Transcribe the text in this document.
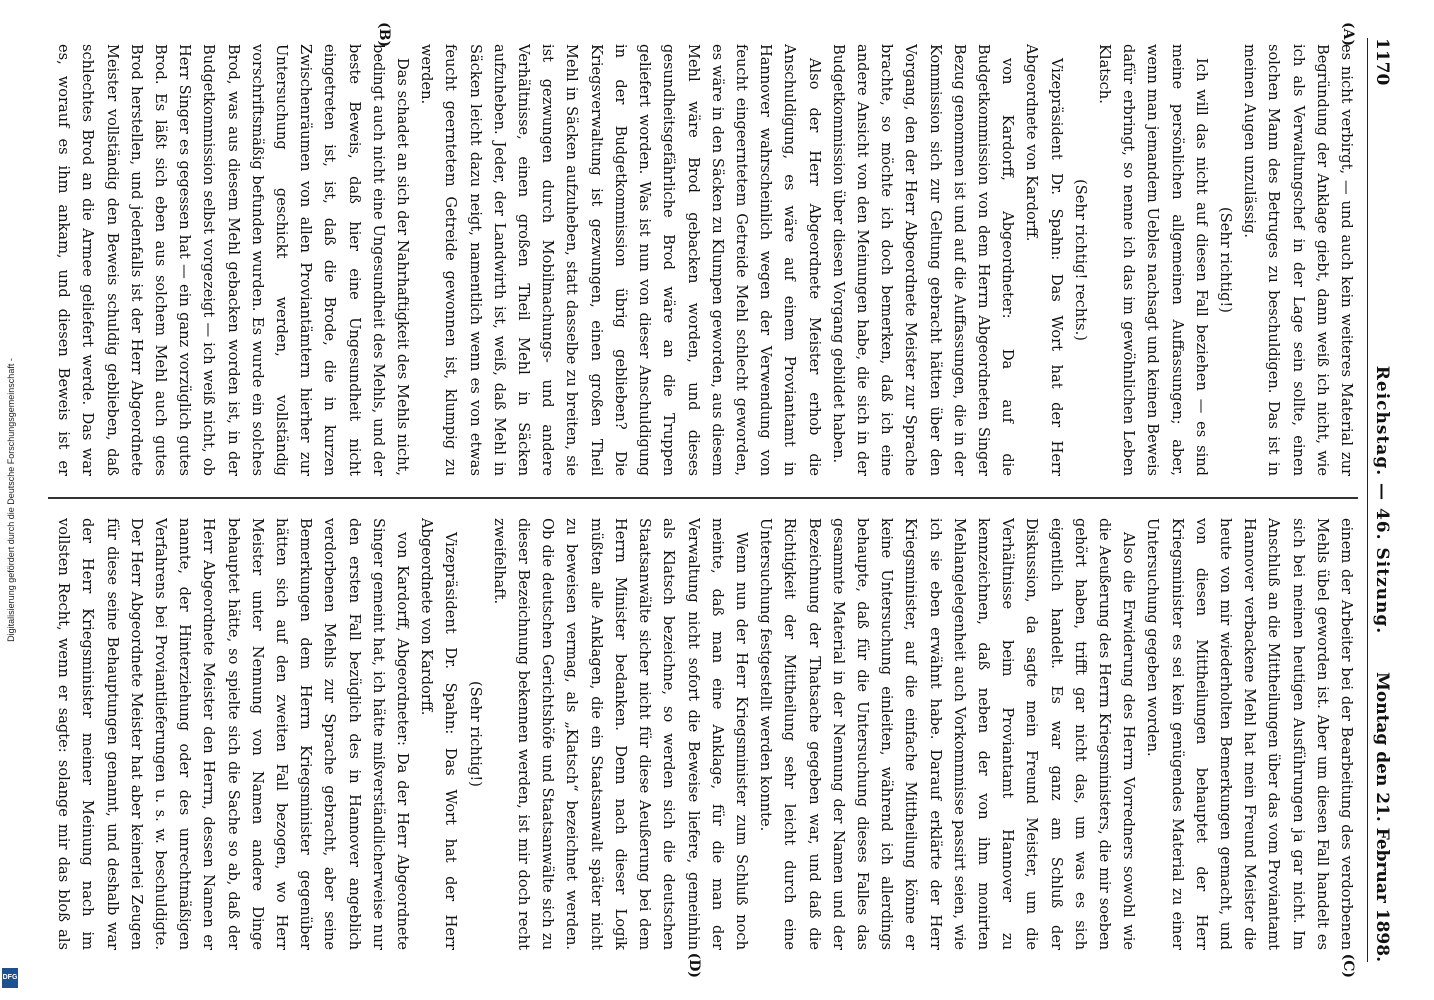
Digitalisierung gefördert durch die Deutsche Forschungsgemeinschaft -
DFG
1170
Reichstag. — 46. Sitzung.
Montag den 21. Februar 1898.
(A)
(B)
(C)
(D)

es nicht verbirgt, — und auch kein weiteres Material zur Begründung der Anklage giebt, dann weiß ich nicht, wie ich als Verwaltungschef in der Lage sein sollte, einen solchen Mann des Betruges zu beschuldigen. Das ist in meinen Augen unzulässig.

(Sehr richtig!)

Ich will das nicht auf diesen Fall beziehen — es sind meine persönlichen allgemeinen Auffassungen; aber, wenn man jemandem Uebles nachsagt und keinen Beweis dafür erbringt, so nenne ich das im gewöhnlichen Leben Klatsch.

(Sehr richtig! rechts.)

Vizepräsident Dr. Spahn: Das Wort hat der Herr Abgeordnete von Kardorff.

von Kardorff, Abgeordneter: Da auf die Budgetkommission von dem Herrn Abgeordneten Singer Bezug genommen ist und auf die Auffassungen, die in der Kommission sich zur Geltung gebracht hätten über den Vorgang, den der Herr Abgeordnete Meister zur Sprache brachte, so möchte ich doch bemerken, daß ich eine andere Ansicht von den Meinungen habe, die sich in der Budgetkommission über diesen Vorgang gebildet haben.

Also der Herr Abgeordnete Meister erhob die Anschuldigung, es wäre auf einem Proviantamt in Hannover wahrscheinlich wegen der Verwendung von feucht eingeerntetem Getreide Mehl schlecht geworden, es wäre in den Säcken zu Klumpen geworden, aus diesem Mehl wäre Brod gebacken worden, und dieses gesundheitsgefährliche Brod wäre an die Truppen geliefert worden. Was ist nun von dieser Anschuldigung in der Budgetkommission übrig geblieben? Die Kriegsverwaltung ist gezwungen, einen großen Theil Mehl in Säcken aufzuheben, statt dasselbe zu breiten, sie ist gezwungen durch Mobilmachungs- und andere Verhältnisse, einen großen Theil Mehl in Säcken aufzuheben. Jeder, der Landwirth ist, weiß, daß Mehl in Säcken leicht dazu neigt, namentlich wenn es von etwas feucht geerntetem Getreide gewonnen ist, klumpig zu werden.

Das schadet an sich der Nahrhaftigkeit des Mehls nicht, bedingt auch nicht eine Ungesundheit des Mehls, und der beste Beweis, daß hier eine Ungesundheit nicht eingetreten ist, ist, daß die Brode, die in kurzen Zwischenräumen von allen Proviantämtern hierher zur Untersuchung geschickt werden, vollständig vorschriftsmäßig befunden wurden. Es wurde ein solches Brod, was aus diesem Mehl gebacken worden ist, in der Budgetkommission selbst vorgezeigt — ich weiß nicht, ob Herr Singer es gegessen hat — ein ganz vorzüglich gutes Brod. Es läßt sich eben aus solchem Mehl auch gutes Brod herstellen, und jedenfalls ist der Herr Abgeordnete Meister vollständig den Beweis schuldig geblieben, daß schlechtes Brod an die Armee geliefert werde. Das war es, worauf es ihm ankam, und diesen Beweis ist er

einem der Arbeiter bei der Bearbeitung des verdorbenen Mehls übel geworden ist. Aber um diesen Fall handelt es sich bei meinen heutigen Ausführungen ja gar nicht. Im Anschluß an die Mittheilungen über das vom Proviantamt Hannover verbackene Mehl hat mein Freund Meister die heute von mir wiederholten Bemerkungen gemacht, und von diesen Mittheilungen behauptet der Herr Kriegsminister es sei kein genügendes Material zu einer Untersuchung gegeben worden.

Also die Erwiderung des Herrn Vorredners sowohl wie die Aeußerung des Herrn Kriegsministers, die mir soeben gehört haben, trifft gar nicht das, um was es sich eigentlich handelt. Es war ganz am Schluß der Diskussion, da sagte mein Freund Meister, um die Verhältnisse beim Proviantamt Hannover zu kennzeichnen, daß neben der von ihm monirten Mehlangelegenheit auch Vorkommnisse passirt seien, wie ich sie eben erwähnt habe. Darauf erklärte der Herr Kriegsminister, auf die einfache Mittheilung könne er keine Untersuchung einleiten, während ich allerdings behaupte, daß für die Untersuchung dieses Falles das gesammte Material in der Nennung der Namen und der Bezeichnung der Thatsache gegeben war, und daß die Richtigkeit der Mittheilung sehr leicht durch eine Untersuchung festgestellt werden konnte.

Wenn nun der Herr Kriegsminister zum Schluß noch meinte, daß man eine Anklage, für die man der Verwaltung nicht sofort die Beweise liefere, gemeinhin als Klatsch bezeichne, so werden sich die deutschen Staatsanwälte sicher nicht für diese Aeußerung bei dem Herrn Minister bedanken. Denn nach dieser Logik müßten alle Anklagen, die ein Staatsanwalt später nicht zu beweisen vermag, als „Klatsch“ bezeichnet werden. Ob die deutschen Gerichtshöfe und Staatsanwälte sich zu dieser Bezeichnung bekennen werden, ist mir doch recht zweifelhaft.

(Sehr richtig!)

Vizepräsident Dr. Spahn: Das Wort hat der Herr Abgeordnete von Kardorff.

von Kardorff, Abgeordneter: Da der Herr Abgeordnete Singer gemeint hat, ich hätte mißverständlicherweise nur den ersten Fall bezüglich des in Hannover angeblich verdorbenen Mehls zur Sprache gebracht, aber seine Bemerkungen dem Herrn Kriegsminister gegenüber hätten sich auf den zweiten Fall bezogen, wo Herr Meister unter Nennung von Namen andere Dinge behauptet hätte, so spielte sich die Sache so ab, daß der Herr Abgeordnete Meister den Herrn, dessen Namen er nannte, der Hinterziehung oder des unrechtmäßigen Verfahrens bei Proviantlieferungen u. s. w. beschuldigte. Der Herr Abgeordnete Meister hat aber keinerlei Zeugen für diese seine Behauptungen genannt, und deshalb war der Herr Kriegsminister meiner Meinung nach im vollsten Recht, wenn er sagte: solange mir das bloß als
